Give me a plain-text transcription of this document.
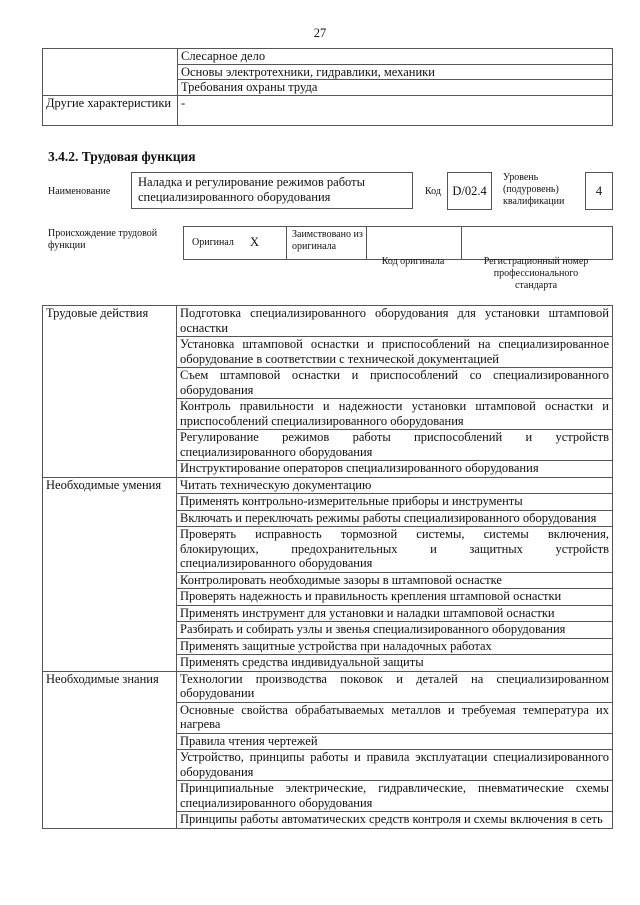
27
	Слесарное дело
	Основы электротехники, гидравлики, механики
	Требования охраны труда
Другие характеристики	-
3.4.2. Трудовая функция
Наименование
Наладка и регулирование режимов работы специализированного оборудования	Код D/02.4
Уровень (подуровень) квалификации
4
Происхождение трудовой функции	Оригинал X
Заимствовано из оригинала
Код оригинала	Регистрационный номер профессионального стандарта
Трудовые действия	Подготовка специализированного оборудования для установки штамповой оснастки
	Установка штамповой оснастки и приспособлений на специализированное оборудование в соответствии с технической документацией
	Съем штамповой оснастки и приспособлений со специализированного оборудования
	Контроль правильности и надежности установки штамповой оснастки и приспособлений специализированного оборудования
	Регулирование режимов работы приспособлений и устройств специализированного оборудования
	Инструктирование операторов специализированного оборудования
Необходимые умения	Читать техническую документацию
	Применять контрольно-измерительные приборы и инструменты
	Включать и переключать режимы работы специализированного оборудования
	Проверять исправность тормозной системы, системы включения, блокирующих, предохранительных и защитных устройств специализированного оборудования
	Контролировать необходимые зазоры в штамповой оснастке
	Проверять надежность и правильность крепления штамповой оснастки
	Применять инструмент для установки и наладки штамповой оснастки
	Разбирать и собирать узлы и звенья специализированного оборудования
	Применять защитные устройства при наладочных работах
	Применять средства индивидуальной защиты
Необходимые знания	Технологии производства поковок и деталей на специализированном оборудовании
	Основные свойства обрабатываемых металлов и требуемая температура их нагрева
	Правила чтения чертежей
	Устройство, принципы работы и правила эксплуатации специализированного оборудования
	Принципиальные электрические, гидравлические, пневматические схемы специализированного оборудования
	Принципы работы автоматических средств контроля и схемы включения в сеть
